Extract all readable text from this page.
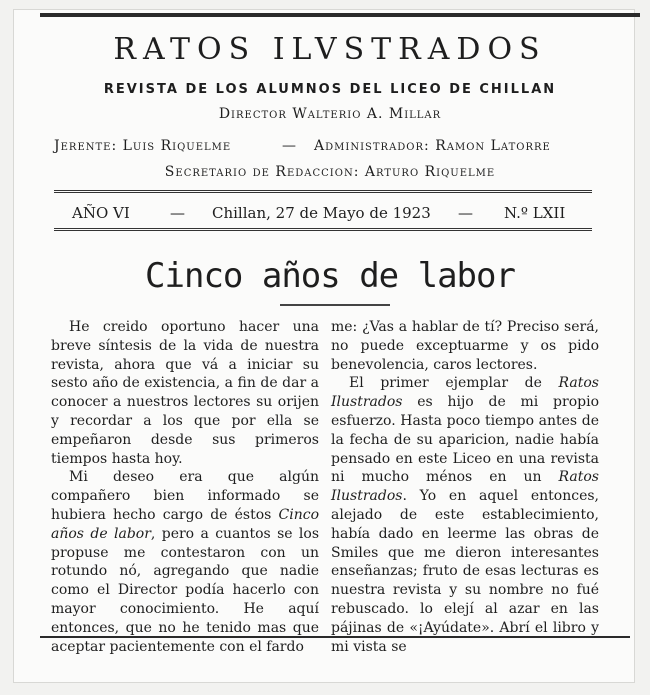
RATOS ILVSTRADOS
REVISTA DE LOS ALUMNOS DEL LICEO DE CHILLAN
Director Walterio A. Millar
Jerente: Luis Riquelme	— Administrador: Ramon Latorre
Secretario de Redaccion: Arturo Riquelme
AÑO VI	— Chillan, 27 de Mayo de 1923 — N.º LXII
Cinco años de labor

He creido oportuno hacer una breve síntesis de la vida de nuestra revista, ahora que vá a iniciar su sesto año de existencia, a fin de dar a conocer a nuestros lectores su orijen y recordar a los que por ella se empeñaron desde sus primeros tiempos hasta hoy.

Mi deseo era que algún compañero bien informado se hubiera hecho cargo de éstos Cinco años de labor, pero a cuantos se los propuse me contestaron con un rotundo nó, agregando que nadie como el Director podía hacerlo con mayor conocimiento. He aquí entonces, que no he tenido mas que aceptar pacientemente con el fardo

me: ¿Vas a hablar de tí? Preciso será, no puede exceptuarme y os pido benevolencia, caros lectores.

El primer ejemplar de Ratos Ilustrados es hijo de mi propio esfuerzo. Hasta poco tiempo antes de la fecha de su aparicion, nadie había pensado en este Liceo en una revista ni mucho ménos en un Ratos Ilustrados. Yo en aquel entonces, alejado de este establecimiento, había dado en leerme las obras de Smiles que me dieron interesantes enseñanzas; fruto de esas lecturas es nuestra revista y su nombre no fué rebuscado. lo elejí al azar en las pájinas de «¡Ayúdate». Abrí el libro y mi vista se
